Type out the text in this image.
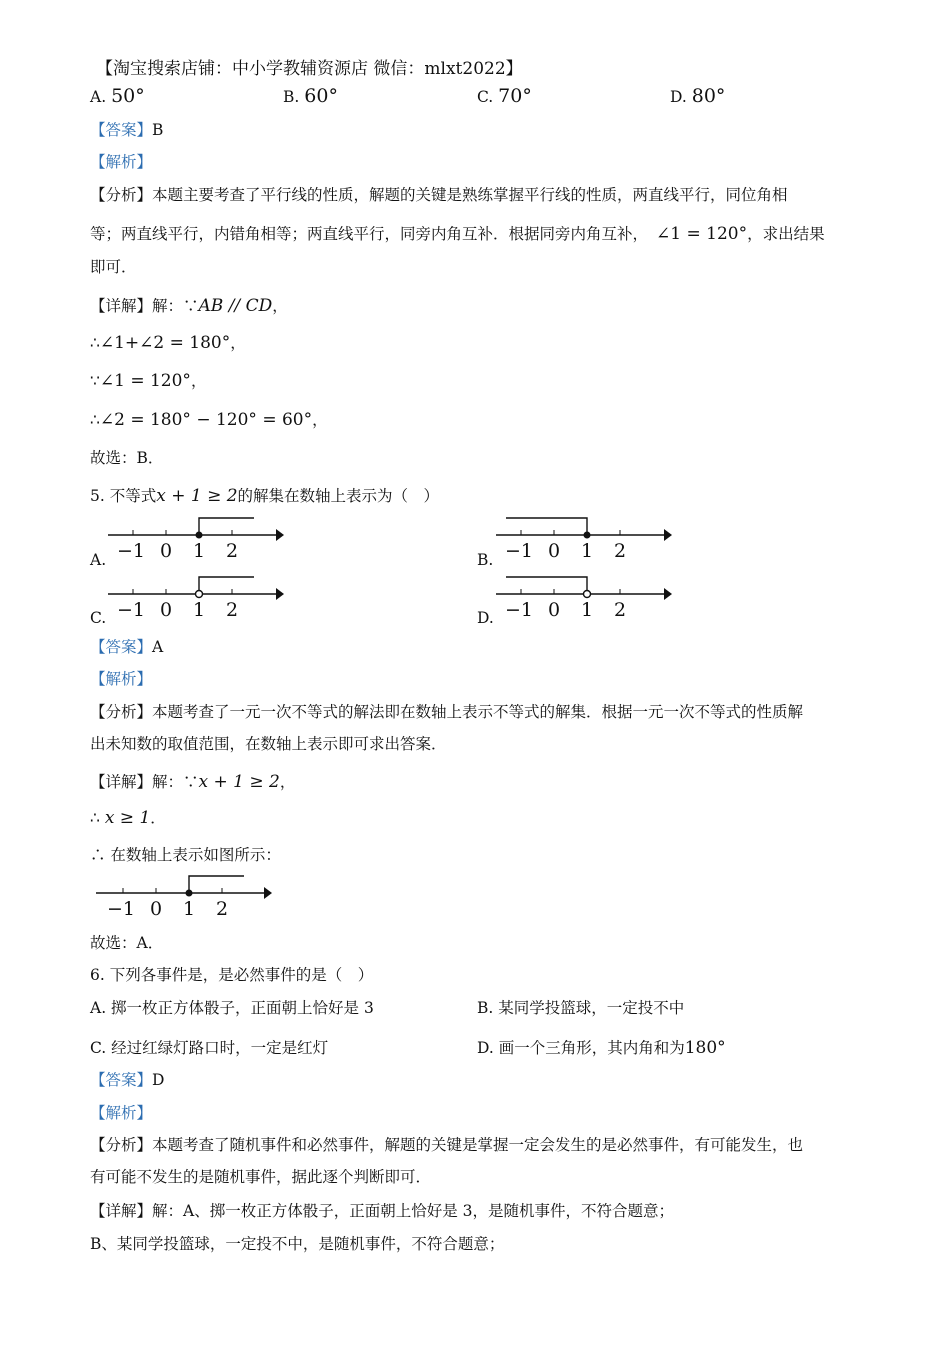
【淘宝搜索店铺：中小学教辅资源店 微信：mlxt2022】
A. 50°	B. 60°	C. 70°	D. 80°
【答案】B
【解析】
【分析】本题主要考查了平行线的性质，解题的关键是熟练掌握平行线的性质，两直线平行，同位角相
等；两直线平行，内错角相等；两直线平行，同旁内角互补．根据同旁内角互补， ∠1 = 120°，求出结果
即可．
【详解】解：∵AB // CD，
∴∠1+∠2 = 180°，
∵∠1 = 120°，
∴∠2 = 180° − 120° = 60°，
故选：B．
5. 不等式x + 1 ≥ 2的解集在数轴上表示为（　）
A.	B.
C.	D.
−1 0 1 2	−1 0 1 2
−1 0 1 2	−1 0 1 2
【答案】A
【解析】
【分析】本题考查了一元一次不等式的解法即在数轴上表示不等式的解集．根据一元一次不等式的性质解
出未知数的取值范围，在数轴上表示即可求出答案．
【详解】解：∵x + 1 ≥ 2，
∴ x ≥ 1．
∴ 在数轴上表示如图所示：
−1 0 1 2
故选：A．
6. 下列各事件是，是必然事件的是（　）
A. 掷一枚正方体骰子，正面朝上恰好是 3	B. 某同学投篮球，一定投不中
C. 经过红绿灯路口时，一定是红灯	D. 画一个三角形，其内角和为180°
【答案】D
【解析】
【分析】本题考查了随机事件和必然事件，解题的关键是掌握一定会发生的是必然事件，有可能发生，也
有可能不发生的是随机事件，据此逐个判断即可．
【详解】解：A、掷一枚正方体骰子，正面朝上恰好是 3，是随机事件，不符合题意；
B、某同学投篮球，一定投不中，是随机事件，不符合题意；
